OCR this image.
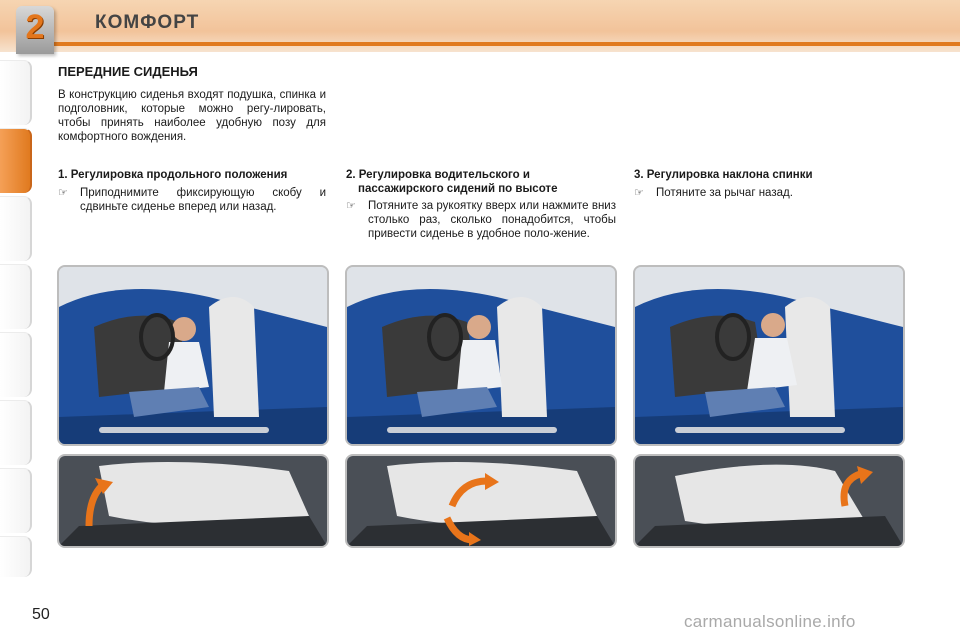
2	КОМФОРТ
ПЕРЕДНИЕ СИДЕНЬЯ
В конструкцию сиденья входят подушка, спинка и подголовник, которые можно регу-лировать, чтобы принять наиболее удобную позу для комфортного вождения.
1. Регулировка продольного положения
☞	Приподнимите фиксирующую скобу и сдвиньте сиденье вперед или назад.
2. Регулировка водительского и
пассажирского сидений по высоте
☞	Потяните за рукоятку вверх или нажмите вниз столько раз, сколько понадобится, чтобы привести сиденье в удобное поло-жение.
3. Регулировка наклона спинки
☞	Потяните за рычаг назад.
50	carmanualsonline.info
